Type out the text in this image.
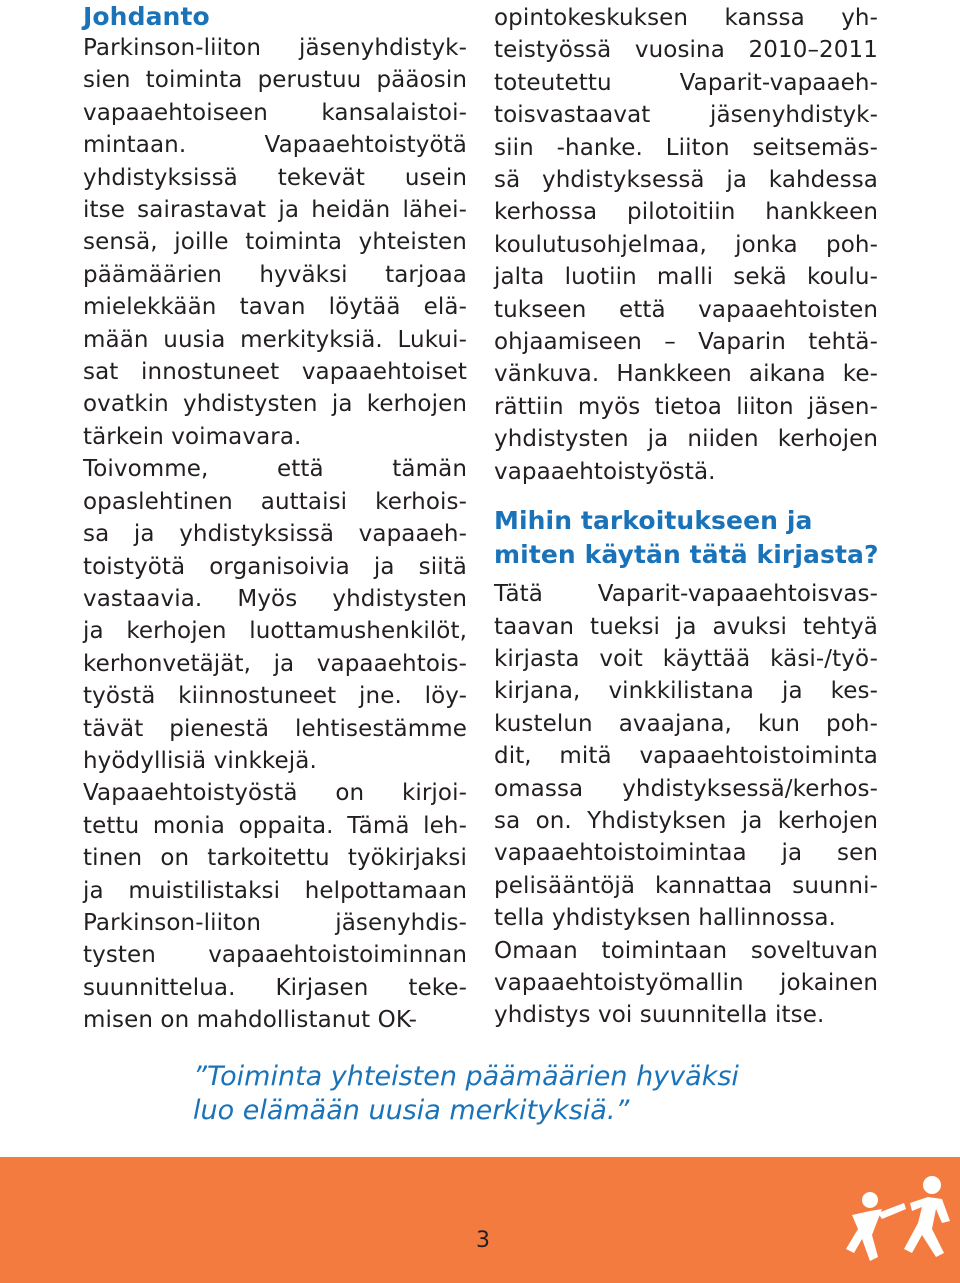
Johdanto
Parkinson-liiton jäsenyhdistyk-
sien toiminta perustuu pääosin
vapaaehtoiseen kansalaistoi-
mintaan. Vapaaehtoistyötä
yhdistyksissä tekevät usein
itse sairastavat ja heidän lähei-
sensä, joille toiminta yhteisten
päämäärien hyväksi tarjoaa
mielekkään tavan löytää elä-
mään uusia merkityksiä. Lukui-
sat innostuneet vapaaehtoiset
ovatkin yhdistysten ja kerhojen
tärkein voimavara.
Toivomme, että tämän
opaslehtinen auttaisi kerhois-
sa ja yhdistyksissä vapaaeh-
toistyötä organisoivia ja siitä
vastaavia. Myös yhdistysten
ja kerhojen luottamushenkilöt,
kerhonvetäjät, ja vapaaehtois-
työstä kiinnostuneet jne. löy-
tävät pienestä lehtisestämme
hyödyllisiä vinkkejä.
Vapaaehtoistyöstä on kirjoi-
tettu monia oppaita. Tämä leh-
tinen on tarkoitettu työkirjaksi
ja muistilistaksi helpottamaan
Parkinson-liiton jäsenyhdis-
tysten vapaaehtoistoiminnan
suunnittelua. Kirjasen teke-
misen on mahdollistanut OK-
opintokeskuksen kanssa yh-
teistyössä vuosina 2010–2011
toteutettu Vaparit-vapaaeh-
toisvastaavat jäsenyhdistyk-
siin -hanke. Liiton seitsemäs-
sä yhdistyksessä ja kahdessa
kerhossa pilotoitiin hankkeen
koulutusohjelmaa, jonka poh-
jalta luotiin malli sekä koulu-
tukseen että vapaaehtoisten
ohjaamiseen – Vaparin tehtä-
vänkuva. Hankkeen aikana ke-
rättiin myös tietoa liiton jäsen-
yhdistysten ja niiden kerhojen
vapaaehtoistyöstä.
Mihin tarkoitukseen ja
miten käytän tätä kirjasta?
Tätä Vaparit-vapaaehtoisvas-
taavan tueksi ja avuksi tehtyä
kirjasta voit käyttää käsi-/työ-
kirjana, vinkkilistana ja kes-
kustelun avaajana, kun poh-
dit, mitä vapaaehtoistoiminta
omassa yhdistyksessä/kerhos-
sa on. Yhdistyksen ja kerhojen
vapaaehtoistoimintaa ja sen
pelisääntöjä kannattaa suunni-
tella yhdistyksen hallinnossa.
Omaan toimintaan soveltuvan
vapaaehtoistyömallin jokainen
yhdistys voi suunnitella itse.
”Toiminta yhteisten päämäärien hyväksi
luo elämään uusia merkityksiä.”
3
